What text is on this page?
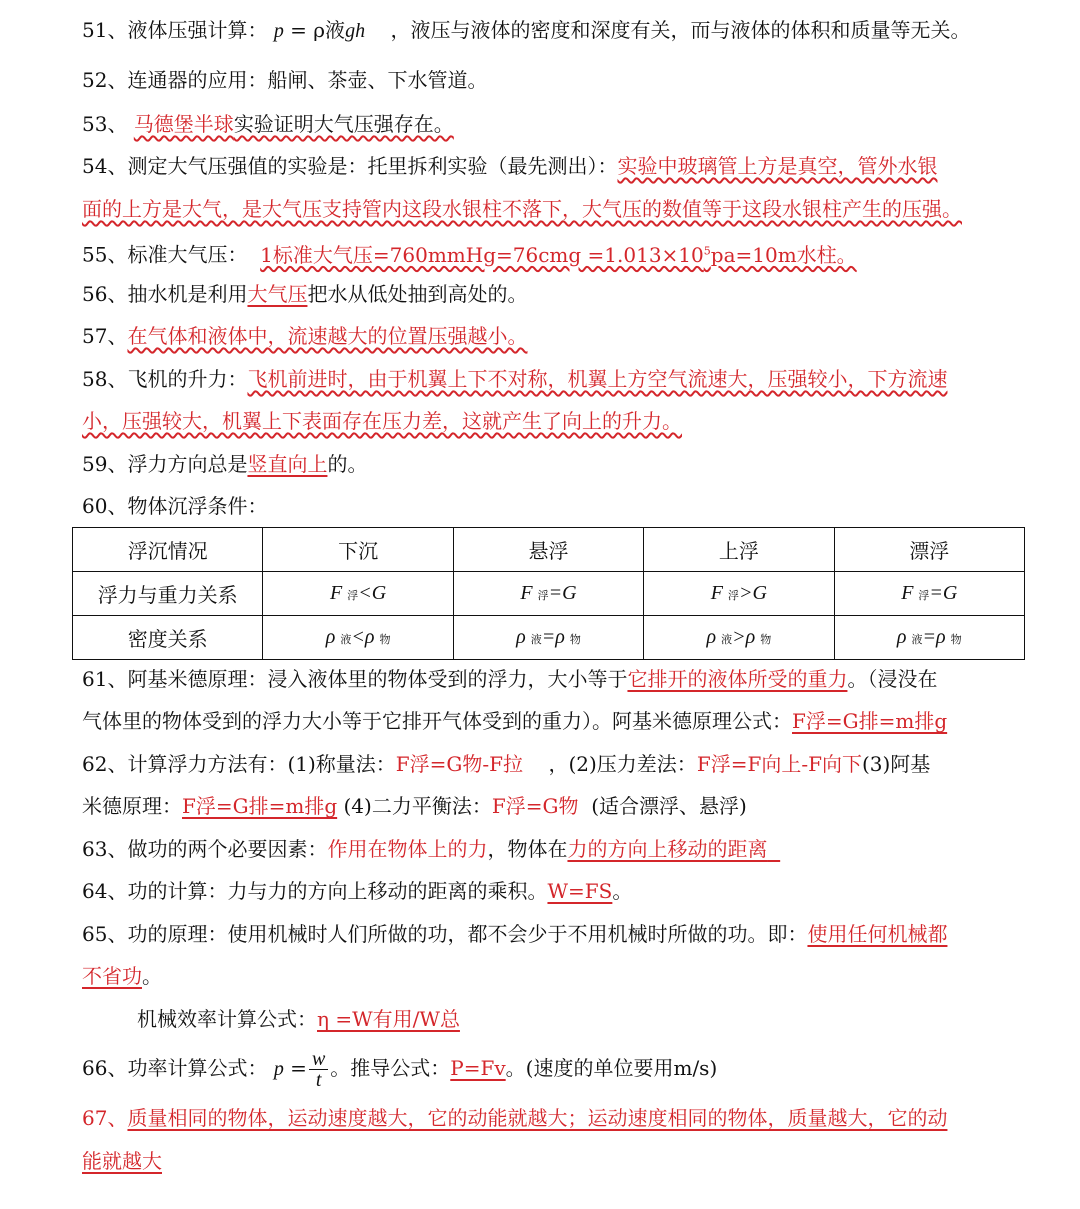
51、液体压强计算： p = ρ液gh ，液压与液体的密度和深度有关，而与液体的体积和质量等无关。
52、连通器的应用：船闸、茶壶、下水管道。
53、 马德堡半球实验证明大气压强存在。
54、测定大气压强值的实验是：托里拆利实验（最先测出）：实验中玻璃管上方是真空，管外水银
面的上方是大气，是大气压支持管内这段水银柱不落下，大气压的数值等于这段水银柱产生的压强。
55、标准大气压： 1标准大气压=760mmHg=76cmg $=1.013\times 10^5pa=10m$水柱。
56、抽水机是利用大气压把水从低处抽到高处的。
57、在气体和液体中，流速越大的位置压强越小。
58、飞机的升力：飞机前进时，由于机翼上下不对称，机翼上方空气流速大，压强较小，下方流速
小，压强较大，机翼上下表面存在压力差，这就产生了向上的升力。
59、浮力方向总是竖直向上的。
60、物体沉浮条件：
浮沉情况	下沉	悬浮	上浮	漂浮
浮力与重力关系	F 浮<G	F 浮=G	F 浮>G	F 浮=G
密度关系	ρ 液<ρ 物	ρ 液=ρ 物	ρ 液>ρ 物	ρ 液=ρ 物
61、阿基米德原理：浸入液体里的物体受到的浮力，大小等于它排开的液体所受的重力。（浸没在
气体里的物体受到的浮力大小等于它排开气体受到的重力）。阿基米德原理公式：F浮=G排=m排g
62、计算浮力方法有：(1)称量法：F浮=G物-F拉 ，(2)压力差法：F浮=F向上-F向下(3)阿基
米德原理：F浮=G排=m排g (4)二力平衡法：F浮=G物 (适合漂浮、悬浮)
63、做功的两个必要因素：作用在物体上的力，物体在力的方向上移动的距离
64、功的计算：力与力的方向上移动的距离的乘积。W=FS。
65、功的原理：使用机械时人们所做的功，都不会少于不用机械时所做的功。即：使用任何机械都
不省功。
机械效率计算公式：η =W有用/W总
66、功率计算公式： $p = \frac{w}{t}$ 。推导公式：P=Fv。(速度的单位要用m/s)
67、质量相同的物体，运动速度越大，它的动能就越大；运动速度相同的物体，质量越大，它的动
能就越大
